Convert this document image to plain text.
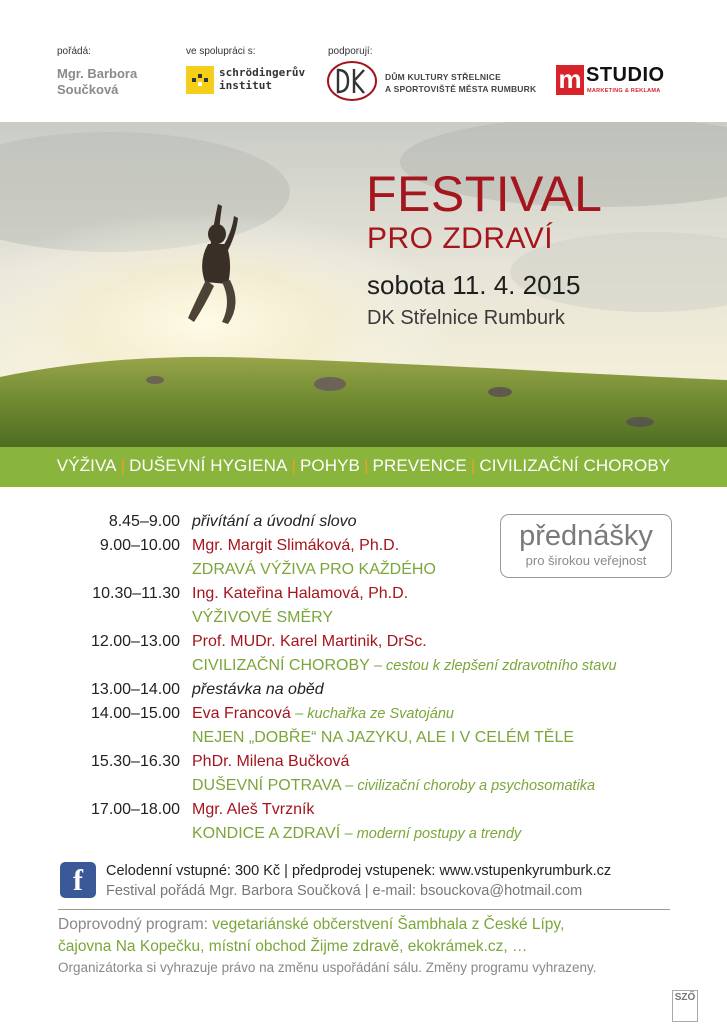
pořádá:
Mgr. Barbora
Součková
ve spolupráci s:
schrödingerův
institut
podporují:
DŮM KULTURY STŘELNICE
A SPORTOVIŠTĚ MĚSTA RUMBURK m STUDIO
MARKETING & REKLAMA
FESTIVAL
PRO ZDRAVÍ
sobota 11. 4. 2015
DK Střelnice Rumburk
VÝŽIVA | DUŠEVNÍ HYGIENA | POHYB | PREVENCE | CIVILIZAČNÍ CHOROBY
přednášky
pro širokou veřejnost
8.45–9.00 přivítání a úvodní slovo
9.00–10.00 Mgr. Margit Slimáková, Ph.D.
ZDRAVÁ VÝŽIVA PRO KAŽDÉHO
10.30–11.30 Ing. Kateřina Halamová, Ph.D.
VÝŽIVOVÉ SMĚRY
12.00–13.00 Prof. MUDr. Karel Martinik, DrSc.
CIVILIZAČNÍ CHOROBY – cestou k zlepšení zdravotního stavu
13.00–14.00 přestávka na oběd
14.00–15.00 Eva Francová – kuchařka ze Svatojánu
NEJEN „DOBŘE“ NA JAZYKU, ALE I V CELÉM TĚLE
15.30–16.30 PhDr. Milena Bučková
DUŠEVNÍ POTRAVA – civilizační choroby a psychosomatika
17.00–18.00 Mgr. Aleš Tvrzník
KONDICE A ZDRAVÍ – moderní postupy a trendy
f	Celodenní vstupné: 300 Kč | předprodej vstupenek: www.vstupenkyrumburk.cz
Festival pořádá Mgr. Barbora Součková | e-mail: bsouckova@hotmail.com
Doprovodný program: vegetariánské občerstvení Šambhala z České Lípy,
čajovna Na Kopečku, místní obchod Žijme zdravě, ekokrámek.cz, …
Organizátorka si vyhrazuje právo na změnu uspořádání sálu. Změny programu vyhrazeny.
SZŐ
